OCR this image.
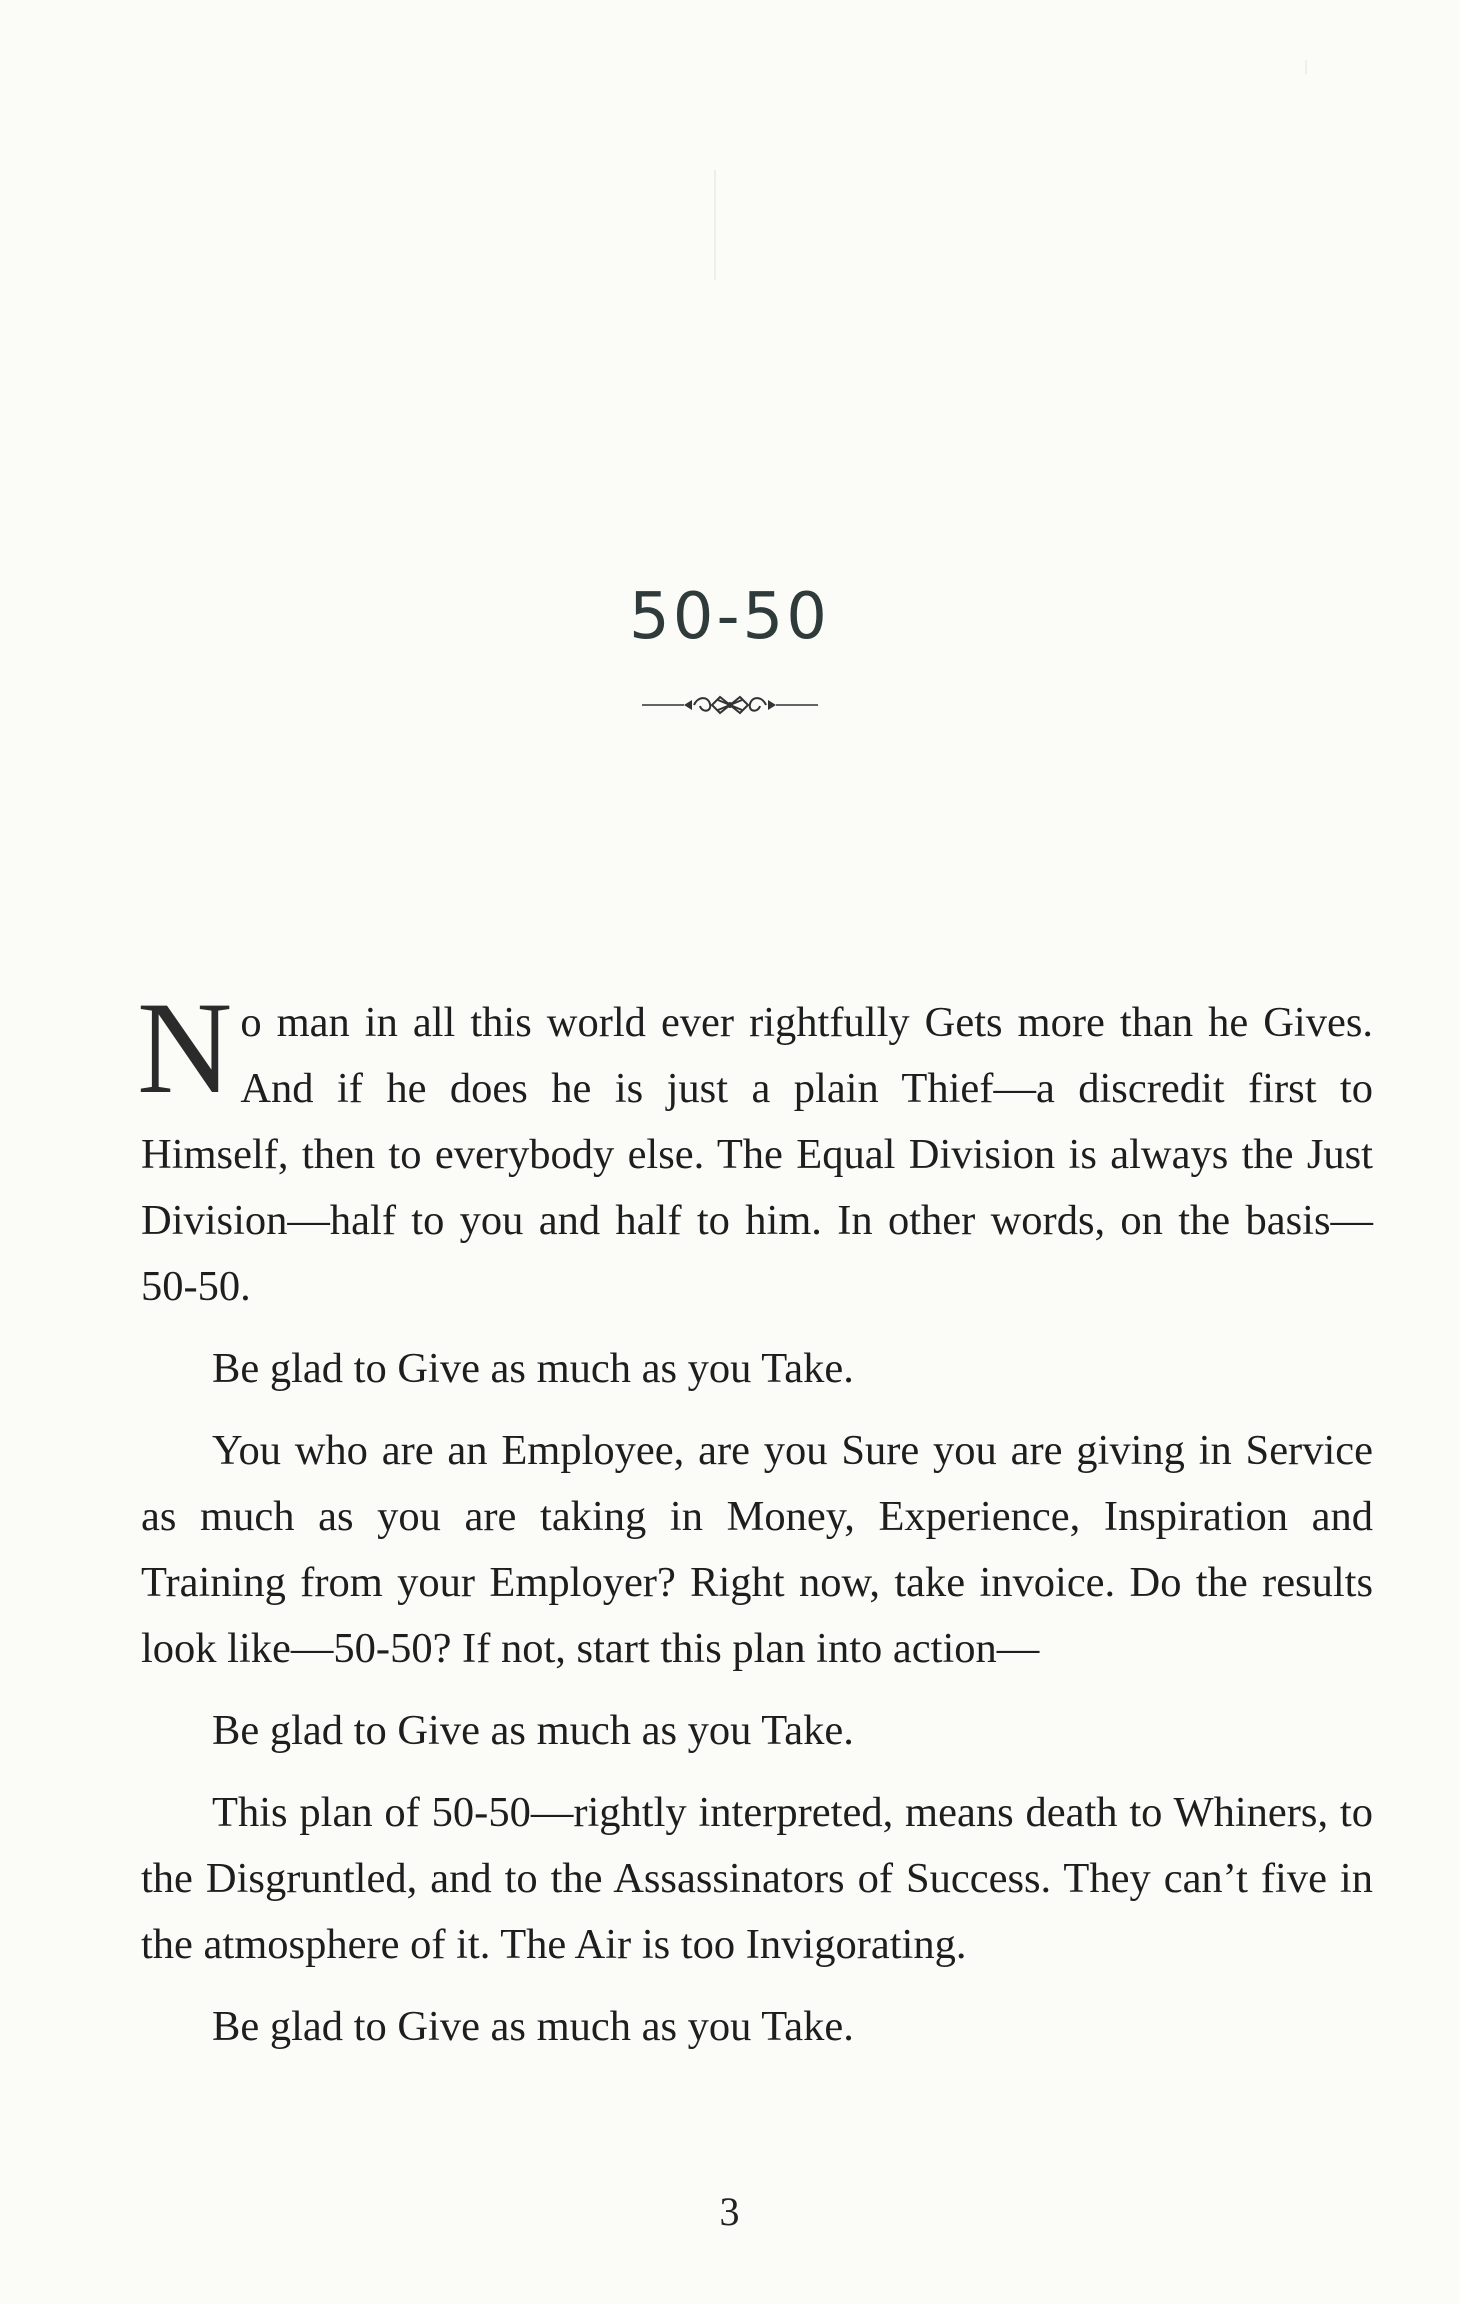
50-50

No man in all this world ever rightfully Gets more than he Gives. And if he does he is just a plain Thief—a discredit first to Himself, then to everybody else. The Equal Division is always the Just Division—half to you and half to him. In other words, on the basis—50-50.

Be glad to Give as much as you Take.

You who are an Employee, are you Sure you are giving in Service as much as you are taking in Money, Experience, Inspiration and Training from your Employer? Right now, take invoice. Do the results look like—50-50? If not, start this plan into action—

Be glad to Give as much as you Take.

This plan of 50-50—rightly interpreted, means death to Whiners, to the Disgruntled, and to the Assassinators of Success. They can’t five in the atmosphere of it. The Air is too Invigorating.

Be glad to Give as much as you Take.

3
